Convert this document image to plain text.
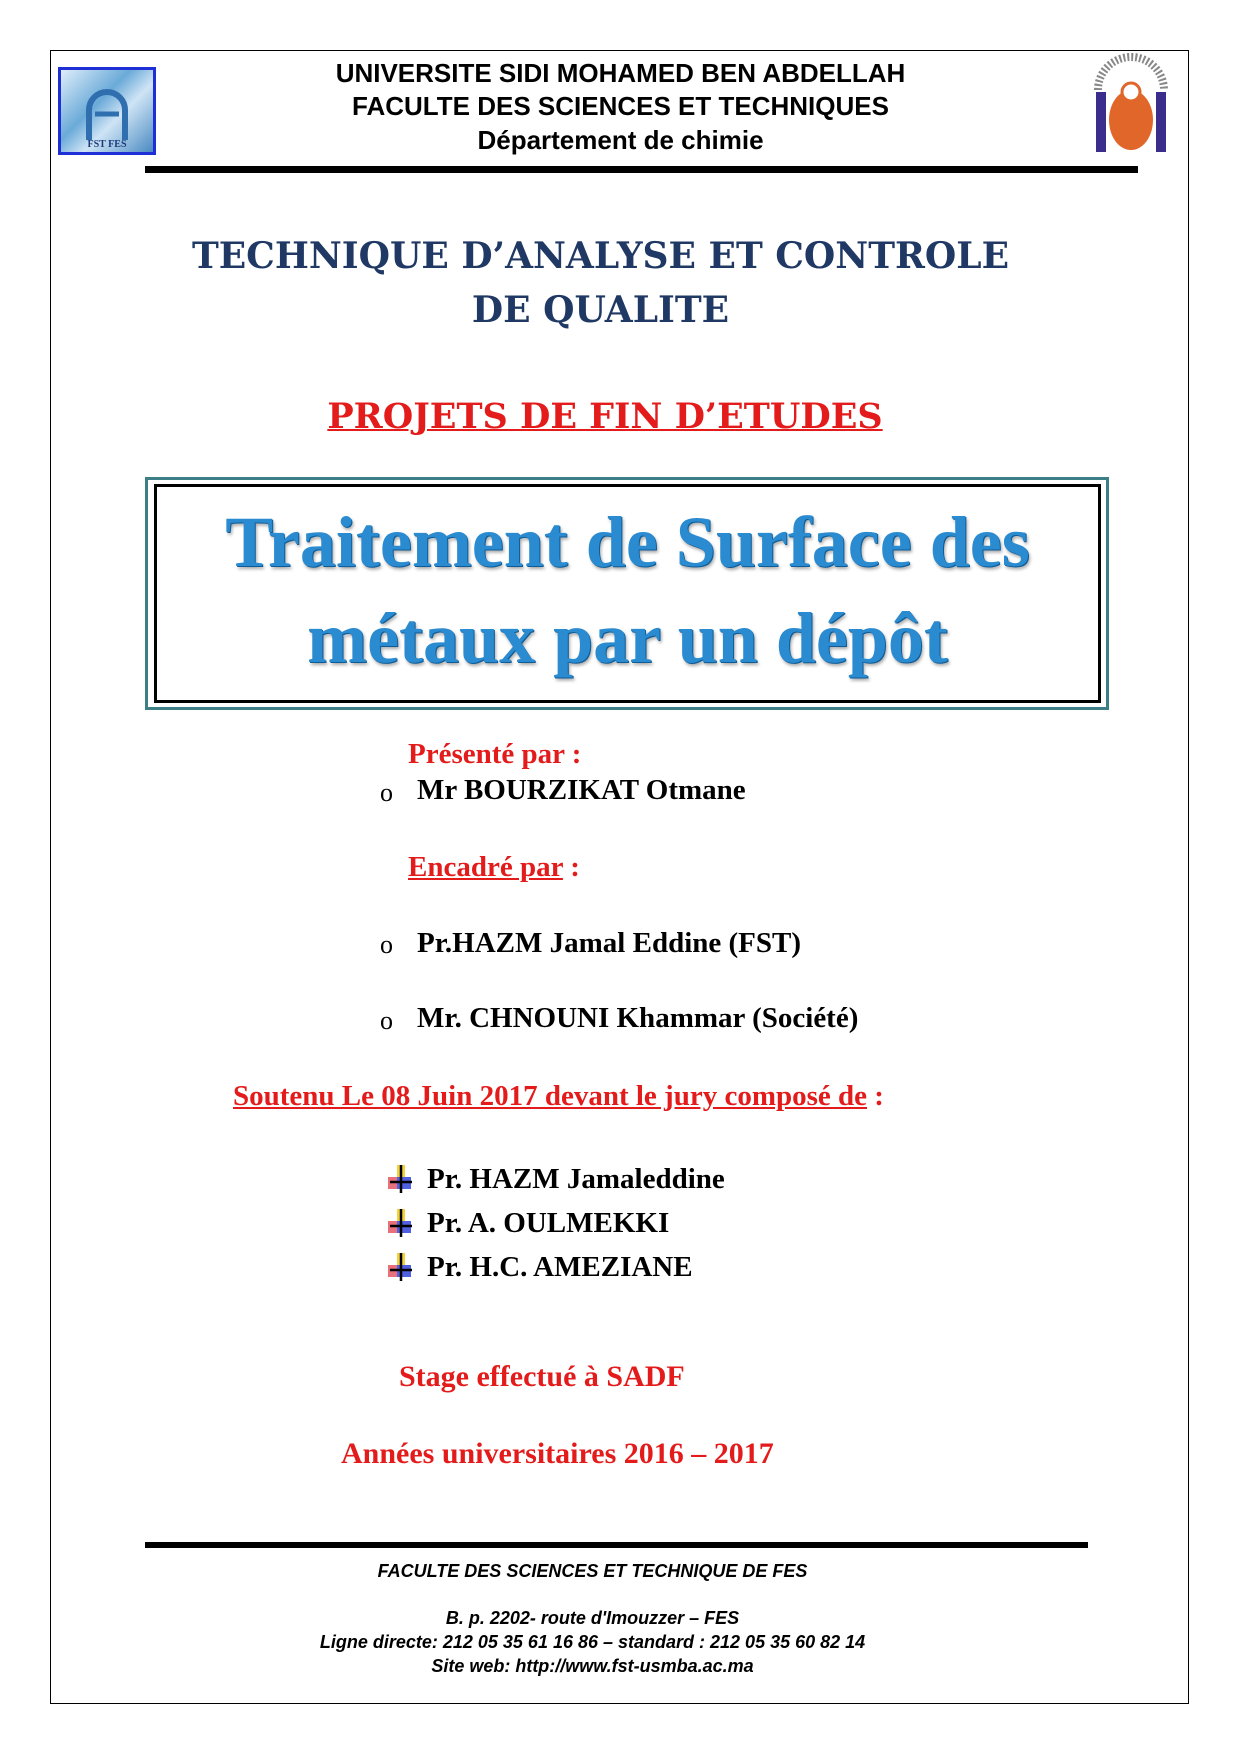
FST FES
UNIVERSITE SIDI MOHAMED BEN ABDELLAH
FACULTE DES SCIENCES ET TECHNIQUES
Département de chimie
TECHNIQUE D’ANALYSE ET CONTROLE
DE QUALITE
PROJETS DE FIN D’ETUDES
Traitement de Surface des
métaux par un dépôt
Présenté par :
o Mr BOURZIKAT Otmane
Encadré par :
o Pr.HAZM Jamal Eddine (FST)
o Mr. CHNOUNI Khammar (Société)
Soutenu Le 08 Juin 2017 devant le jury composé de :
Pr. HAZM Jamaleddine
Pr. A. OULMEKKI
Pr. H.C. AMEZIANE
Stage effectué à SADF
Années universitaires 2016 – 2017
FACULTE DES SCIENCES ET TECHNIQUE DE FES
B. p. 2202- route d'Imouzzer – FES
Ligne directe: 212 05 35 61 16 86 – standard : 212 05 35 60 82 14
Site web: http://www.fst-usmba.ac.ma
